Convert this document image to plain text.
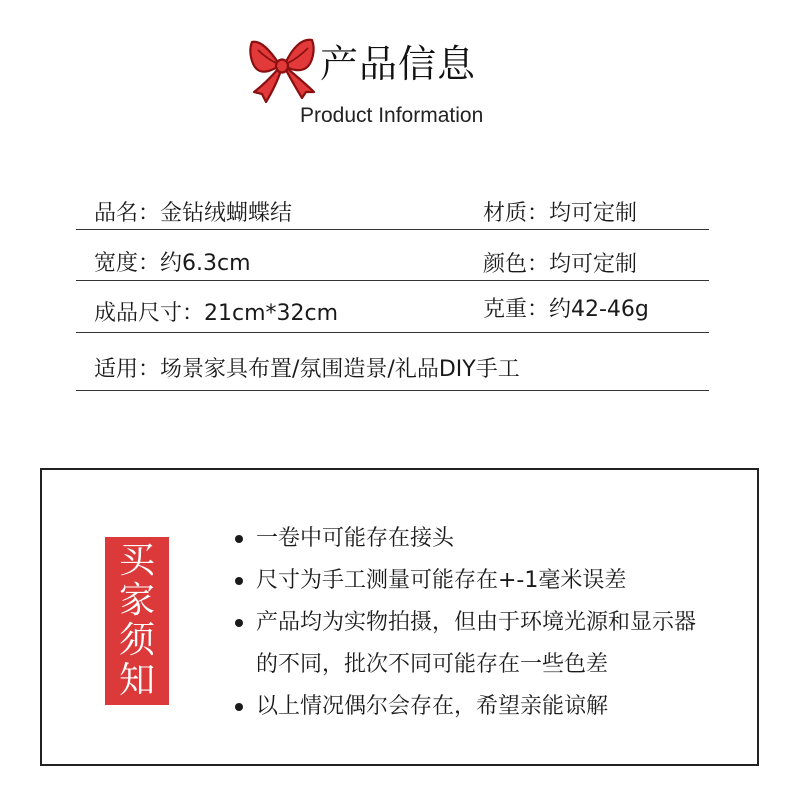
产品信息
Product Information
品名：金钻绒蝴蝶结	材质：均可定制
宽度：约6.3cm	颜色：均可定制
成品尺寸：21cm*32cm	克重：约42-46g
适用：场景家具布置/氛围造景/礼品DIY手工
买
家
须
知
一卷中可能存在接头
尺寸为手工测量可能存在+-1毫米误差
产品均为实物拍摄，但由于环境光源和显示器
的不同，批次不同可能存在一些色差
以上情况偶尔会存在，希望亲能谅解
